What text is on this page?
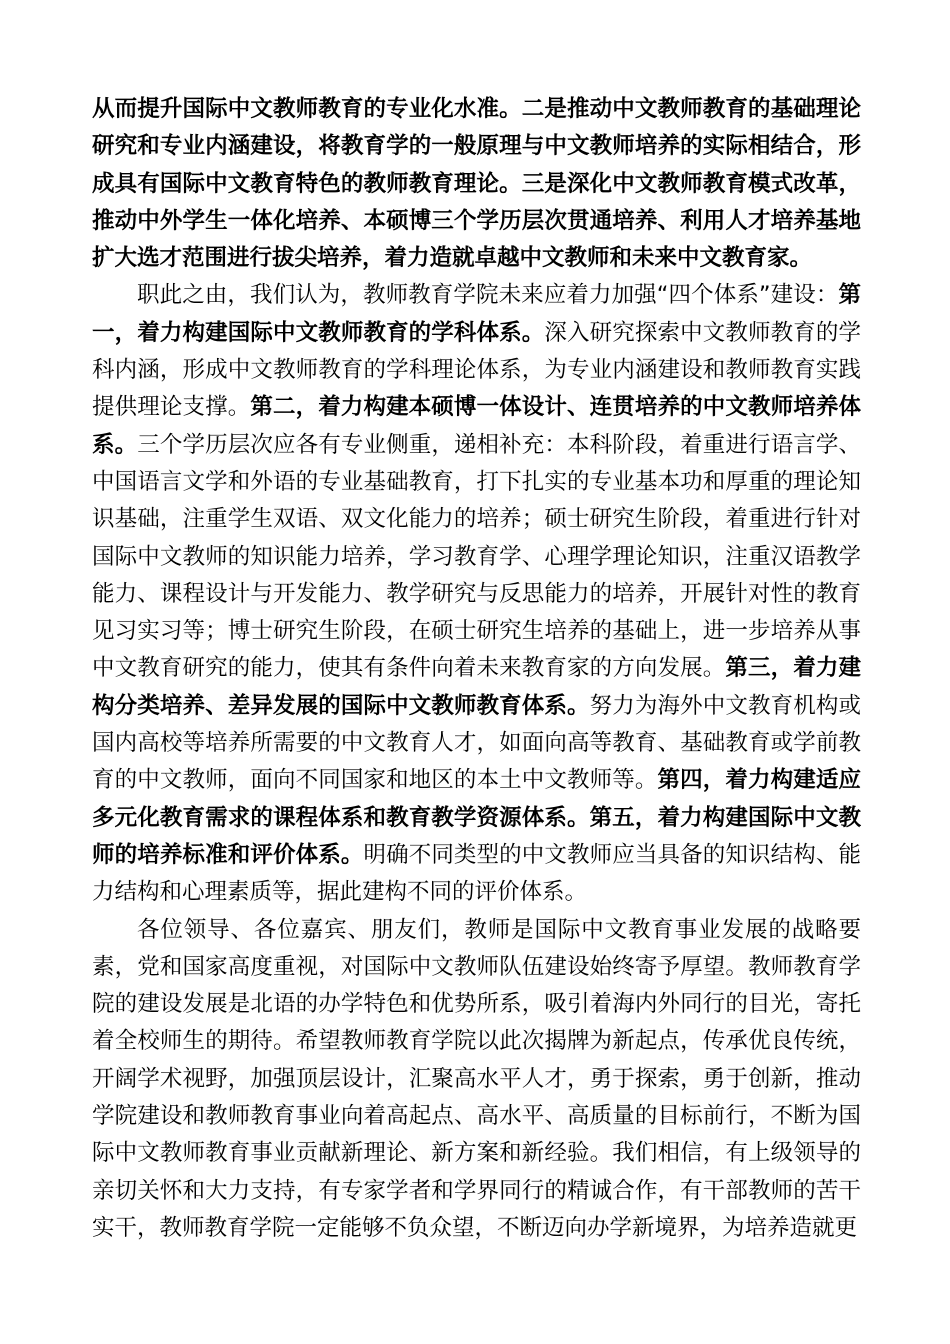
从而提升国际中文教师教育的专业化水准。二是推动中文教师教育的基础理论研究和专业内涵建设，将教育学的一般原理与中文教师培养的实际相结合，形成具有国际中文教育特色的教师教育理论。三是深化中文教师教育模式改革，推动中外学生一体化培养、本硕博三个学历层次贯通培养、利用人才培养基地扩大选才范围进行拔尖培养，着力造就卓越中文教师和未来中文教育家。

职此之由，我们认为，教师教育学院未来应着力加强“四个体系”建设：第一，着力构建国际中文教师教育的学科体系。深入研究探索中文教师教育的学科内涵，形成中文教师教育的学科理论体系，为专业内涵建设和教师教育实践提供理论支撑。第二，着力构建本硕博一体设计、连贯培养的中文教师培养体系。三个学历层次应各有专业侧重，递相补充：本科阶段，着重进行语言学、中国语言文学和外语的专业基础教育，打下扎实的专业基本功和厚重的理论知识基础，注重学生双语、双文化能力的培养；硕士研究生阶段，着重进行针对国际中文教师的知识能力培养，学习教育学、心理学理论知识，注重汉语教学能力、课程设计与开发能力、教学研究与反思能力的培养，开展针对性的教育见习实习等；博士研究生阶段，在硕士研究生培养的基础上，进一步培养从事中文教育研究的能力，使其有条件向着未来教育家的方向发展。第三，着力建构分类培养、差异发展的国际中文教师教育体系。努力为海外中文教育机构或国内高校等培养所需要的中文教育人才，如面向高等教育、基础教育或学前教育的中文教师，面向不同国家和地区的本土中文教师等。第四，着力构建适应多元化教育需求的课程体系和教育教学资源体系。第五，着力构建国际中文教师的培养标准和评价体系。明确不同类型的中文教师应当具备的知识结构、能力结构和心理素质等，据此建构不同的评价体系。

各位领导、各位嘉宾、朋友们，教师是国际中文教育事业发展的战略要素，党和国家高度重视，对国际中文教师队伍建设始终寄予厚望。教师教育学院的建设发展是北语的办学特色和优势所系，吸引着海内外同行的目光，寄托着全校师生的期待。希望教师教育学院以此次揭牌为新起点，传承优良传统，开阔学术视野，加强顶层设计，汇聚高水平人才，勇于探索，勇于创新，推动学院建设和教师教育事业向着高起点、高水平、高质量的目标前行，不断为国际中文教师教育事业贡献新理论、新方案和新经验。我们相信，有上级领导的亲切关怀和大力支持，有专家学者和学界同行的精诚合作，有干部教师的苦干实干，教师教育学院一定能够不负众望，不断迈向办学新境界，为培养造就更
